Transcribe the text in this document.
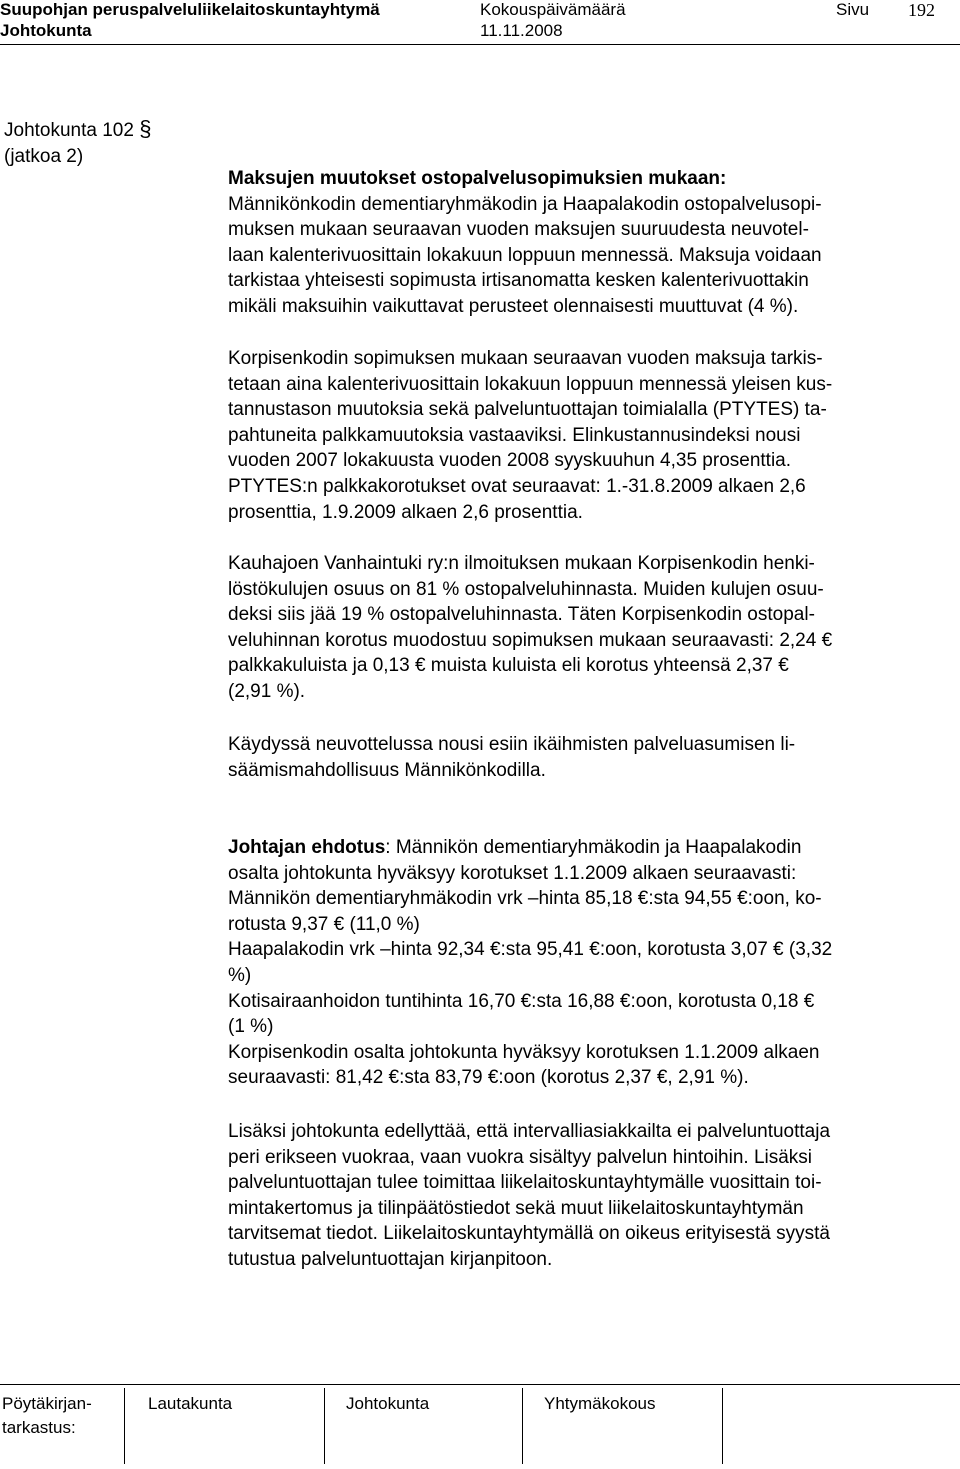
Suupohjan peruspalveluliikelaitoskuntayhtymä	Kokouspäivämäärä	Sivu 192
Johtokunta	11.11.2008
Johtokunta 102 §
(jatkoa 2)
Maksujen muutokset ostopalvelusopimuksien mukaan:
Männikönkodin dementiaryhmäkodin ja Haapalakodin ostopalvelusopi-
muksen mukaan seuraavan vuoden maksujen suuruudesta neuvotel-
laan kalenterivuosittain lokakuun loppuun mennessä. Maksuja voidaan
tarkistaa yhteisesti sopimusta irtisanomatta kesken kalenterivuottakin
mikäli maksuihin vaikuttavat perusteet olennaisesti muuttuvat (4 %).
Korpisenkodin sopimuksen mukaan seuraavan vuoden maksuja tarkis-
tetaan aina kalenterivuosittain lokakuun loppuun mennessä yleisen kus-
tannustason muutoksia sekä palveluntuottajan toimialalla (PTYTES) ta-
pahtuneita palkkamuutoksia vastaaviksi. Elinkustannusindeksi nousi
vuoden 2007 lokakuusta vuoden 2008 syyskuuhun 4,35 prosenttia.
PTYTES:n palkkakorotukset ovat seuraavat: 1.-31.8.2009 alkaen 2,6
prosenttia, 1.9.2009 alkaen 2,6 prosenttia.
Kauhajoen Vanhaintuki ry:n ilmoituksen mukaan Korpisenkodin henki-
löstökulujen osuus on 81 % ostopalveluhinnasta. Muiden kulujen osuu-
deksi siis jää 19 % ostopalveluhinnasta. Täten Korpisenkodin ostopal-
veluhinnan korotus muodostuu sopimuksen mukaan seuraavasti: 2,24 €
palkkakuluista ja 0,13 € muista kuluista eli korotus yhteensä 2,37 €
(2,91 %).
Käydyssä neuvottelussa nousi esiin ikäihmisten palveluasumisen li-
säämismahdollisuus Männikönkodilla.
Johtajan ehdotus: Männikön dementiaryhmäkodin ja Haapalakodin
osalta johtokunta hyväksyy korotukset 1.1.2009 alkaen seuraavasti:
Männikön dementiaryhmäkodin vrk –hinta 85,18 €:sta 94,55 €:oon, ko-
rotusta 9,37 € (11,0 %)
Haapalakodin vrk –hinta 92,34 €:sta 95,41 €:oon, korotusta 3,07 € (3,32
%)
Kotisairaanhoidon tuntihinta 16,70 €:sta 16,88 €:oon, korotusta 0,18 €
(1 %)
Korpisenkodin osalta johtokunta hyväksyy korotuksen 1.1.2009 alkaen
seuraavasti: 81,42 €:sta 83,79 €:oon (korotus 2,37 €, 2,91 %).
Lisäksi johtokunta edellyttää, että intervalliasiakkailta ei palveluntuottaja
peri erikseen vuokraa, vaan vuokra sisältyy palvelun hintoihin. Lisäksi
palveluntuottajan tulee toimittaa liikelaitoskuntayhtymälle vuosittain toi-
mintakertomus ja tilinpäätöstiedot sekä muut liikelaitoskuntayhtymän
tarvitsemat tiedot. Liikelaitoskuntayhtymällä on oikeus erityisestä syystä
tutustua palveluntuottajan kirjanpitoon.
Pöytäkirjan-
tarkastus:
Lautakunta	Johtokunta	Yhtymäkokous
